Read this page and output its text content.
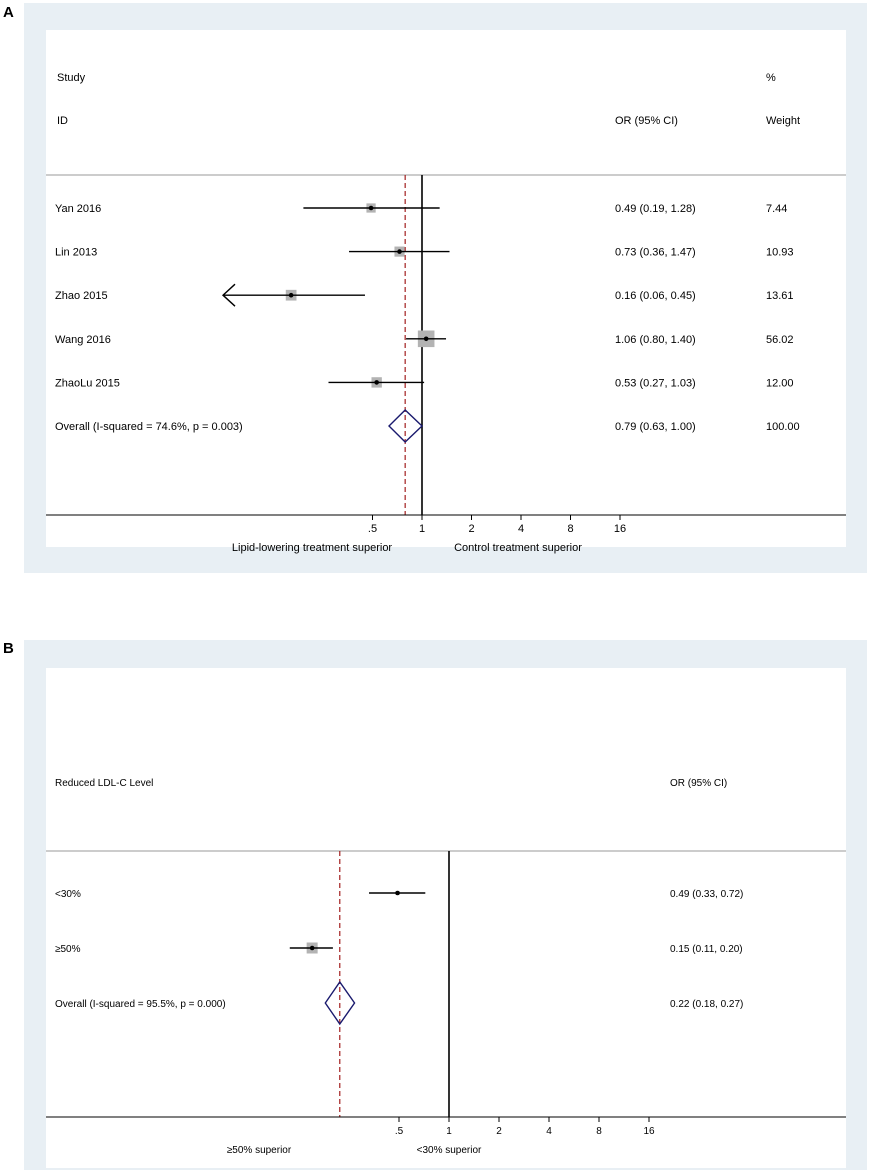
A
Study
ID	OR (95% CI)
%
Weight
.5	1	2	4	8	16
Lipid-lowering treatment superior	Control treatment superior
Yan 2016	0.49 (0.19, 1.28)	7.44
Lin 2013	0.73 (0.36, 1.47)	10.93
Zhao 2015	0.16 (0.06, 0.45)	13.61
Wang 2016	1.06 (0.80, 1.40)	56.02
ZhaoLu 2015	0.53 (0.27, 1.03)	12.00
Overall (I-squared = 74.6%, p = 0.003)	0.79 (0.63, 1.00)	100.00
B
Reduced LDL-C Level	OR (95% CI)
.5	1	2	4	8	16
≥50% superior	<30% superior
<30%	0.49 (0.33, 0.72)
≥50%	0.15 (0.11, 0.20)
Overall (I-squared = 95.5%, p = 0.000)	0.22 (0.18, 0.27)
